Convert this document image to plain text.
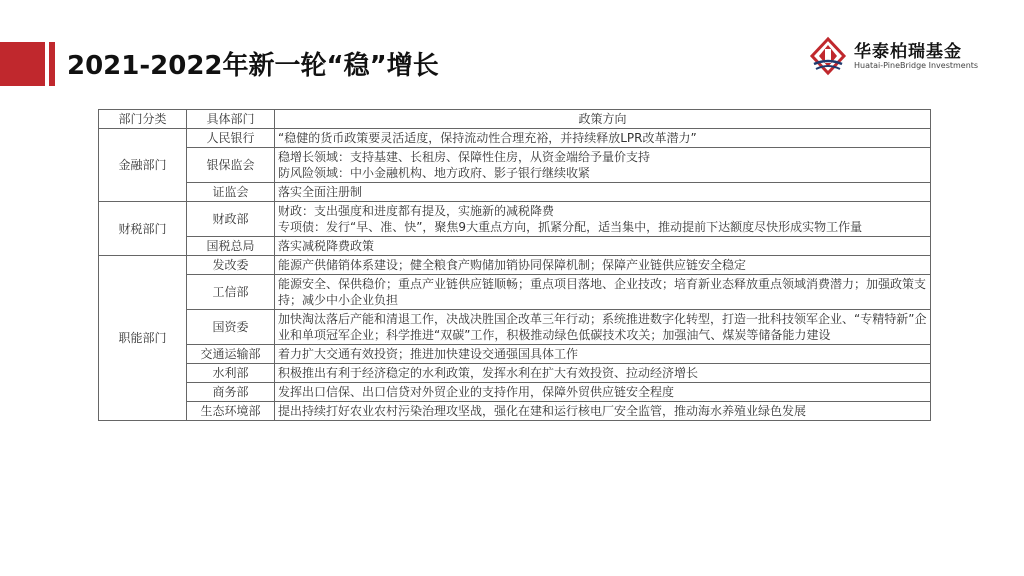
2021-2022年新一轮“稳”增长	华泰柏瑞基金
Huatai-PineBridge Investments
部门分类	具体部门	政策方向
金融部门	人民银行	“稳健的货币政策要灵活适度，保持流动性合理充裕，并持续释放LPR改革潜力”

	银保监会	稳增长领域：支持基建、长租房、保障性住房，从资金端给予量价支持
防风险领域：中小金融机构、地方政府、影子银行继续收紧

	证监会	落实全面注册制

财税部门	财政部	财政：支出强度和进度都有提及，实施新的减税降费
专项债：发行“早、准、快”，聚焦9大重点方向，抓紧分配，适当集中，推动提前下达额度尽快形成实物工作量

	国税总局	落实减税降费政策

职能部门	发改委	能源产供储销体系建设；健全粮食产购储加销协同保障机制；保障产业链供应链安全稳定

	工信部	能源安全、保供稳价；重点产业链供应链顺畅；重点项目落地、企业技改；培育新业态释放重点领域消费潜力；加强政策支持；减少中小企业负担

	国资委	加快淘汰落后产能和清退工作，决战决胜国企改革三年行动；系统推进数字化转型，打造一批科技领军企业、“专精特新”企业和单项冠军企业；科学推进“双碳”工作，积极推动绿色低碳技术攻关；加强油气、煤炭等储备能力建设

	交通运输部	着力扩大交通有效投资；推进加快建设交通强国具体工作

	水利部	积极推出有利于经济稳定的水利政策，发挥水利在扩大有效投资、拉动经济增长

	商务部	发挥出口信保、出口信贷对外贸企业的支持作用，保障外贸供应链安全程度

	生态环境部	提出持续打好农业农村污染治理攻坚战，强化在建和运行核电厂安全监管，推动海水养殖业绿色发展
